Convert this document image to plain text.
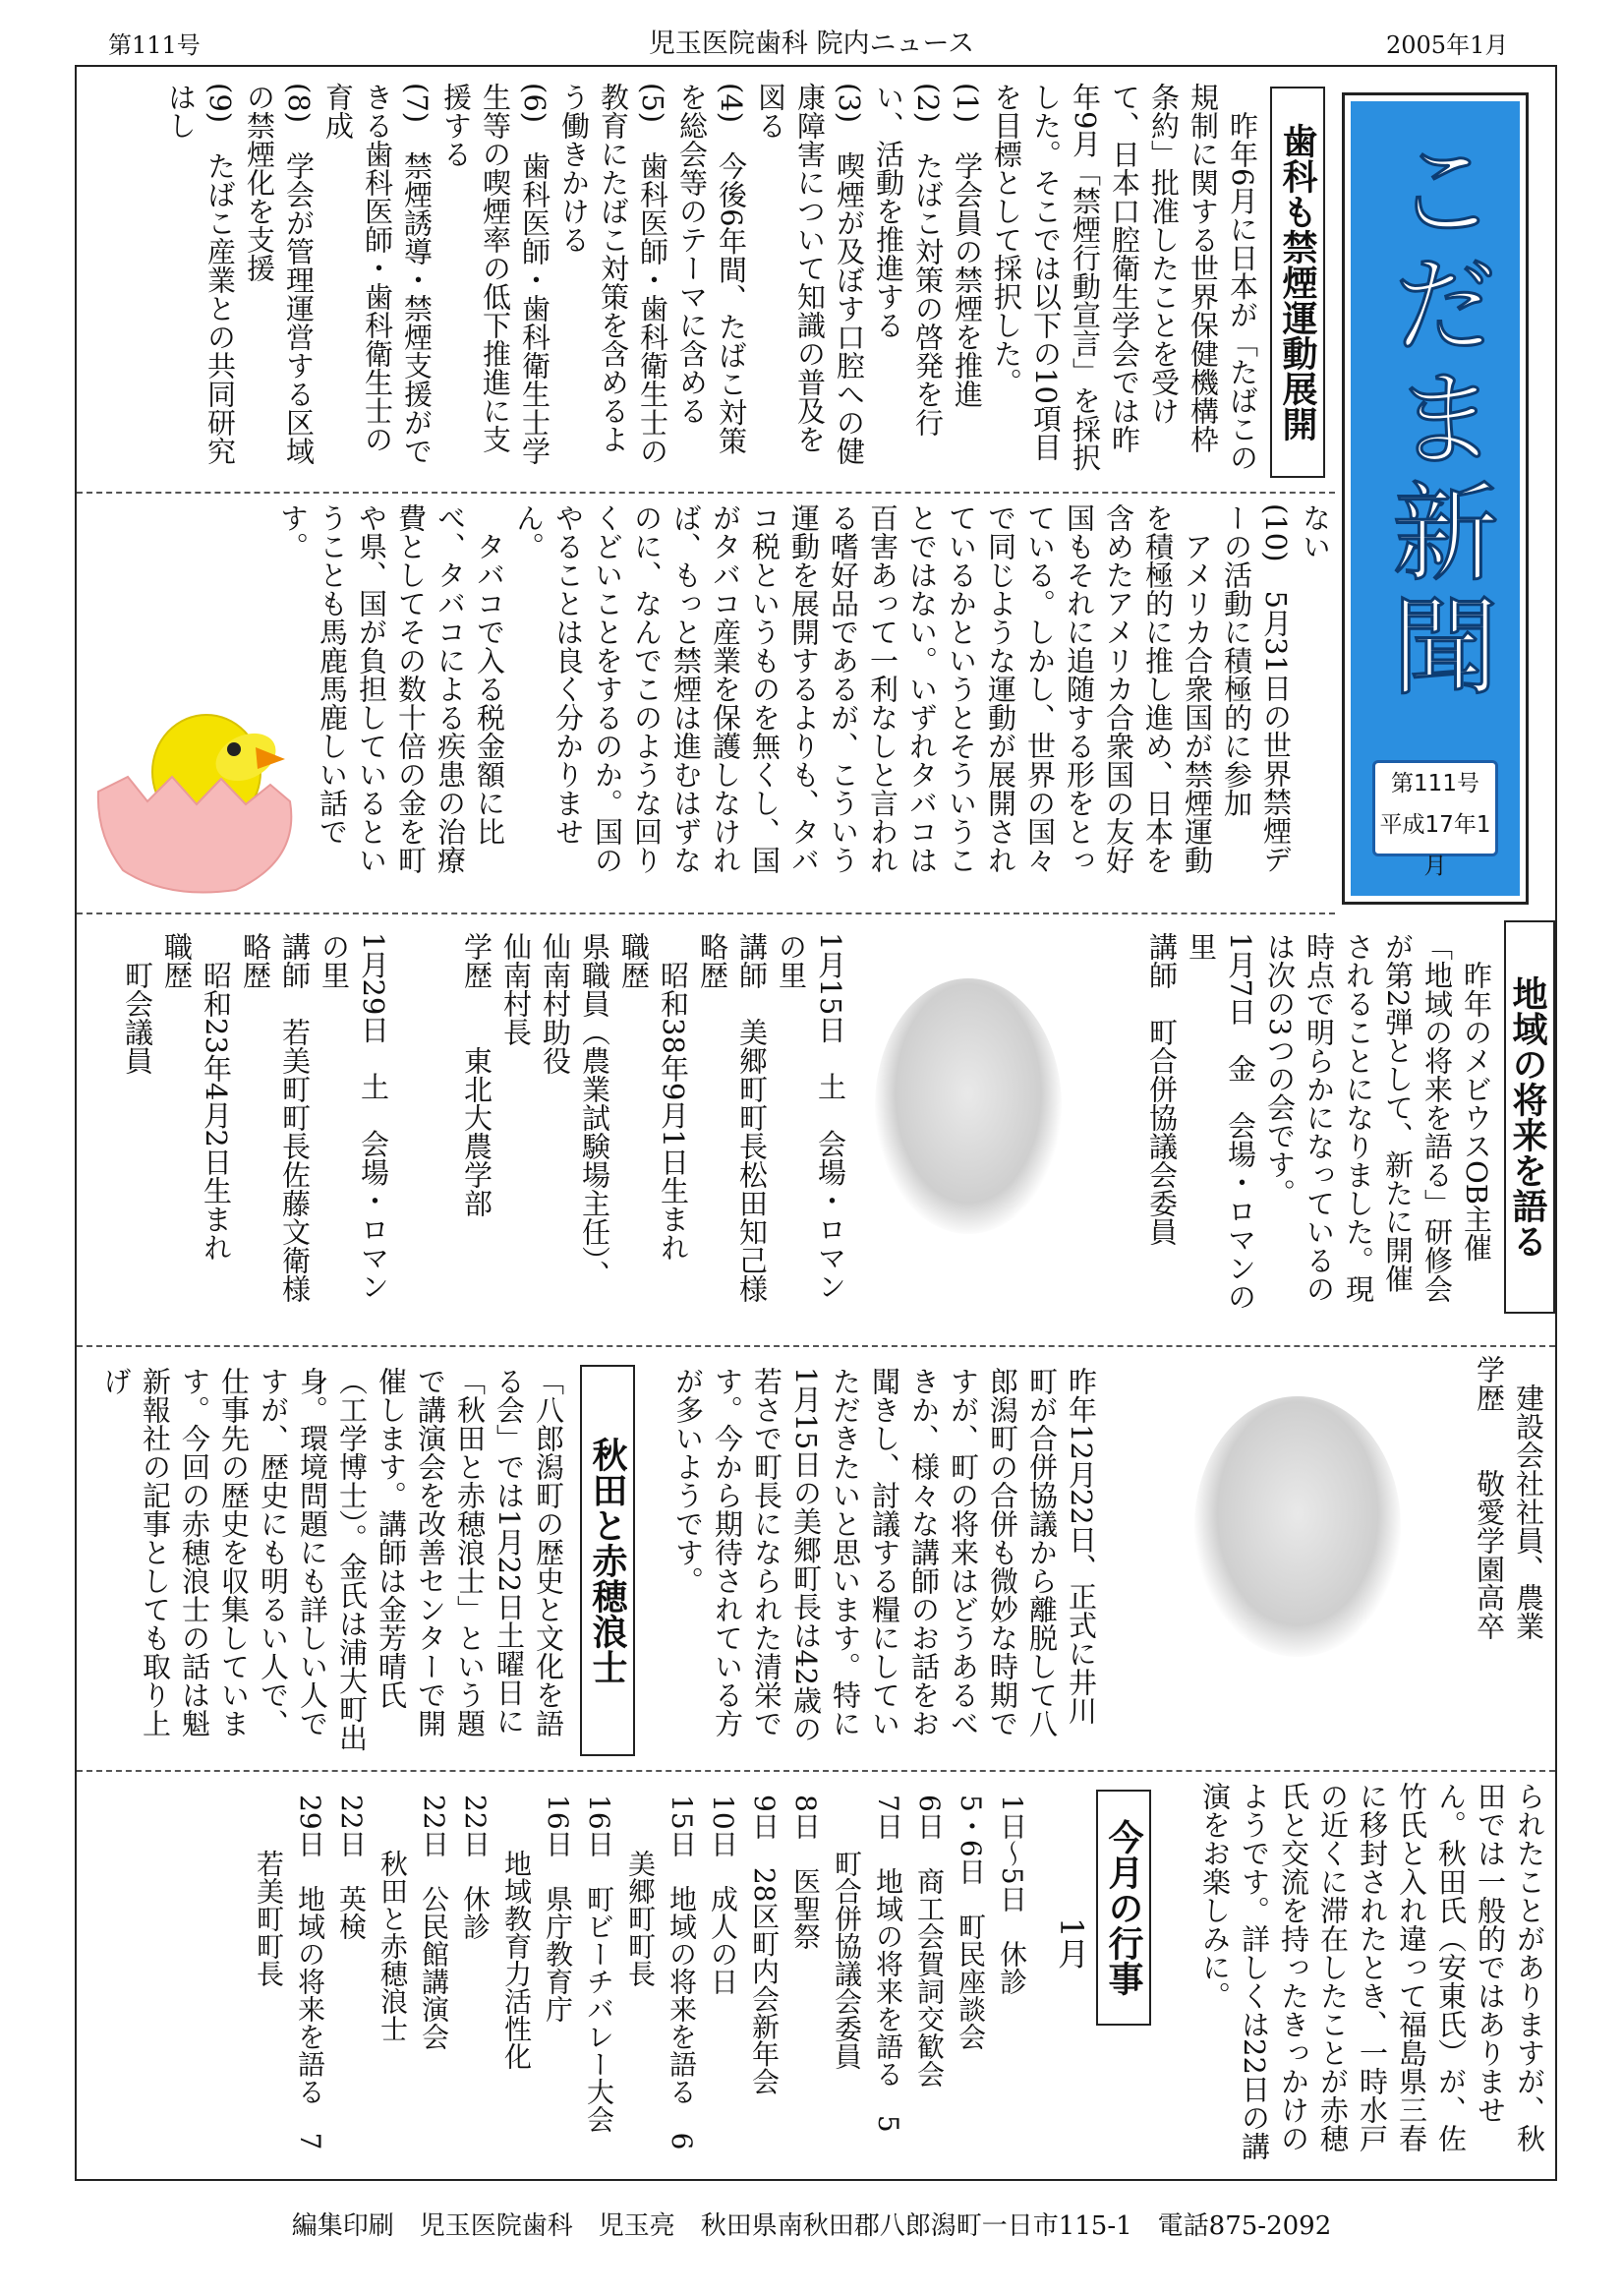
第111号	児玉医院歯科 院内ニュース	2005年1月
こだま新聞
第111号
平成17年1月
歯科も禁煙運動展開
　昨年6月に日本が「たばこの規制に関する世界保健機構枠条約」批准したことを受けて、日本口腔衛生学会では昨年9月「禁煙行動宣言」を採択した。そこでは以下の10項目を目標として採択した。
(1)　学会員の禁煙を推進
(2)　たばこ対策の啓発を行い、活動を推進する
(3)　喫煙が及ぼす口腔への健康障害について知識の普及を図る
(4)　今後6年間、たばこ対策を総会等のテーマに含める
(5)　歯科医師・歯科衛生士の教育にたばこ対策を含めるよう働きかける
(6)　歯科医師・歯科衛生士学生等の喫煙率の低下推進に支援する
(7)　禁煙誘導・禁煙支援ができる歯科医師・歯科衛生士の育成
(8)　学会が管理運営する区域の禁煙化を支援
(9)　たばこ産業との共同研究はし
ない
(10)　5月31日の世界禁煙デーの活動に積極的に参加
　アメリカ合衆国が禁煙運動を積極的に推し進め、日本を含めたアメリカ合衆国の友好国もそれに追随する形をとっている。しかし、世界の国々で同じような運動が展開されているかというとそういうことではない。いずれタバコは百害あって一利なしと言われる嗜好品であるが、こういう運動を展開するよりも、タバコ税というものを無くし、国がタバコ産業を保護しなければ、もっと禁煙は進むはずなのに、なんでこのような回りくどいことをするのか。国のやることは良く分かりません。
　タバコで入る税金額に比べ、タバコによる疾患の治療費としてその数十倍の金を町や県、国が負担しているということも馬鹿馬鹿しい話です。
地域の将来を語る
　昨年のメビウスOB主催「地域の将来を語る」研修会が第2弾として、新たに開催されることになりました。現時点で明らかになっているのは次の3つの会です。
1月7日　金　会場・ロマンの里
講師　町合併協議会委員
1月15日　土　会場・ロマンの里
講師　美郷町町長松田知己様
略歴
　昭和38年9月1日生まれ
職歴
県職員（農業試験場主任）、
仙南村助役
仙南村長
学歴　　東北大農学部
1月29日　土　会場・ロマンの里
講師　若美町町長佐藤文衛様
略歴
　昭和23年4月2日生まれ
職歴
　町会議員
　建設会社社員、農業
学歴　　敬愛学園高卒
昨年12月22日、正式に井川町が合併協議から離脱して八郎潟町の合併も微妙な時期ですが、町の将来はどうあるべきか、様々な講師のお話をお聞きし、討議する糧にしていただきたいと思います。特に1月15日の美郷町長は42歳の若さで町長になられた清栄です。今から期待されている方が多いようです。
秋田と赤穂浪士
「八郎潟町の歴史と文化を語る会」では1月22日土曜日に「秋田と赤穂浪士」という題で講演会を改善センターで開催します。講師は金芳晴氏（工学博士）。金氏は浦大町出身。環境問題にも詳しい人ですが、歴史にも明るい人で、仕事先の歴史を収集しています。今回の赤穂浪士の話は魁新報社の記事としても取り上げ
られたことがありますが、秋田では一般的ではありません。秋田氏（安東氏）が、佐竹氏と入れ違って福島県三春に移封されたとき、一時水戸の近くに滞在したことが赤穂氏と交流を持ったきっかけのようです。詳しくは22日の講演をお楽しみに。
今月の行事
1月
1日～5日　休診
5・6日　町民座談会
6日　商工会賀詞交歓会
7日　地域の将来を語る　5
　　町合併協議会委員
8日　医聖祭
9日　28区町内会新年会
10日　成人の日
15日　地域の将来を語る　6
　　美郷町町長
16日　町ビーチバレー大会
16日　県庁教育庁
　　地域教育力活性化
22日　休診
22日　公民館講演会
　　秋田と赤穂浪士
22日　英検
29日　地域の将来を語る　7
　　若美町町長
編集印刷　児玉医院歯科　児玉亮　秋田県南秋田郡八郎潟町一日市115-1　電話875-2092
